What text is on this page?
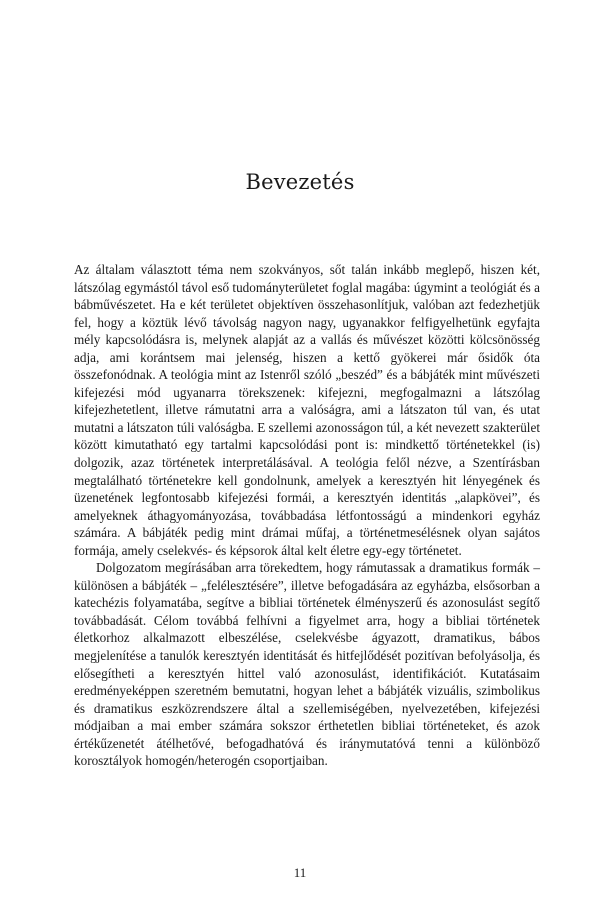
Bevezetés

Az általam választott téma nem szokványos, sőt talán inkább meglepő, hiszen két, látszólag egymástól távol eső tudományterületet foglal magába: úgymint a teológiát és a bábművészetet. Ha e két területet objektíven összehasonlítjuk, valóban azt fedezhetjük fel, hogy a köztük lévő távolság nagyon nagy, ugyanakkor felfigyelhetünk egyfajta mély kapcsolódásra is, melynek alapját az a vallás és művészet közötti kölcsönösség adja, ami korántsem mai jelenség, hiszen a kettő gyökerei már ősidők óta összefonódnak. A teológia mint az Istenről szóló „beszéd” és a bábjáték mint művészeti kifejezési mód ugyanarra törekszenek: kifejezni, megfogalmazni a látszólag kifejezhetetlent, illetve rámutatni arra a valóságra, ami a látszaton túl van, és utat mutatni a látszaton túli valóságba. E szellemi azonosságon túl, a két nevezett szakterület között kimutatható egy tartalmi kapcsolódási pont is: mindkettő történetekkel (is) dolgozik, azaz történetek interpretálásával. A teológia felől nézve, a Szentírásban megtalálható történetekre kell gondolnunk, amelyek a keresztyén hit lényegének és üzenetének legfontosabb kifejezési formái, a keresztyén identitás „alapkövei”, és amelyeknek áthagyományozása, továbbadása létfontosságú a mindenkori egyház számára. A bábjáték pedig mint drámai műfaj, a történetmesélésnek olyan sajátos formája, amely cselekvés- és képsorok által kelt életre egy-egy történetet.

Dolgozatom megírásában arra törekedtem, hogy rámutassak a dramatikus formák – különösen a bábjáték – „felélesztésére”, illetve befogadására az egyházba, elsősorban a katechézis folyamatába, segítve a bibliai történetek élményszerű és azonosulást segítő továbbadását. Célom továbbá felhívni a figyelmet arra, hogy a bibliai történetek életkorhoz alkalmazott elbeszélése, cselekvésbe ágyazott, dramatikus, bábos megjelenítése a tanulók keresztyén identitását és hitfejlődését pozitívan befolyásolja, és elősegítheti a keresztyén hittel való azonosulást, identifikációt. Kutatásaim eredményeképpen szeretném bemutatni, hogyan lehet a bábjáték vizuális, szimbolikus és dramatikus eszközrendszere által a szellemiségében, nyelvezetében, kifejezési módjaiban a mai ember számára sokszor érthetetlen bibliai történeteket, és azok értékűzenetét átélhetővé, befogadhatóvá és iránymutatóvá tenni a különböző korosztályok homogén/heterogén csoportjaiban.

11
